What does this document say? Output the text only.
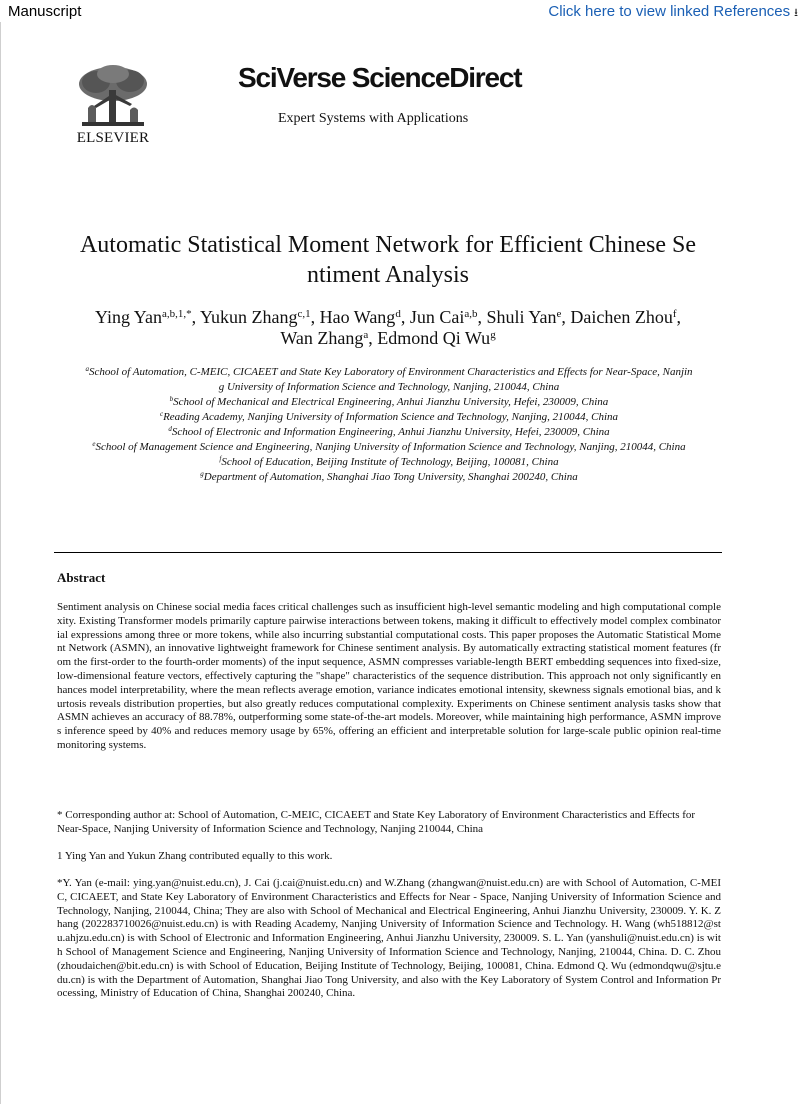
Manuscript	Click here to view linked References ⭳
ELSEVIER
SciVerse ScienceDirect
Expert Systems with Applications
Automatic Statistical Moment Network for Efficient Chinese Se
ntiment Analysis
Ying Yan$^{a,b,1,*}$, Yukun Zhang$^{c,1}$, Hao Wang$^d$, Jun Cai$^{a,b}$, Shuli Yan$^e$, Daichen Zhou$^f$,
Wan Zhang$^a$, Edmond Qi Wu$^g$
$^a$School of Automation, C-MEIC, CICAEET and State Key Laboratory of Environment Characteristics and Effects for Near-Space, Nanjin
g University of Information Science and Technology, Nanjing, 210044, China
$^b$School of Mechanical and Electrical Engineering, Anhui Jianzhu University, Hefei, 230009, China
$^c$Reading Academy, Nanjing University of Information Science and Technology, Nanjing, 210044, China
$^d$School of Electronic and Information Engineering, Anhui Jianzhu University, Hefei, 230009, China
$^e$School of Management Science and Engineering, Nanjing University of Information Science and Technology, Nanjing, 210044, China
$^f$School of Education, Beijing Institute of Technology, Beijing, 100081, China
$^g$Department of Automation, Shanghai Jiao Tong University, Shanghai 200240, China
Abstract
Sentiment analysis on Chinese social media faces critical challenges such as insufficient high-level semantic modeling and high computational complexity. Existing Transformer models primarily capture pairwise interactions between tokens, making it difficult to effectively model complex combinatorial expressions among three or more tokens, while also incurring substantial computational costs. This paper proposes the Automatic Statistical Moment Network (ASMN), an innovative lightweight framework for Chinese sentiment analysis. By automatically extracting statistical moment features (from the first-order to the fourth-order moments) of the input sequence, ASMN compresses variable-length BERT embedding sequences into fixed-size, low-dimensional feature vectors, effectively capturing the "shape" characteristics of the sequence distribution. This approach not only significantly enhances model interpretability, where the mean reflects average emotion, variance indicates emotional intensity, skewness signals emotional bias, and kurtosis reveals distribution properties, but also greatly reduces computational complexity. Experiments on Chinese sentiment analysis tasks show that ASMN achieves an accuracy of 88.78%, outperforming some state-of-the-art models. Moreover, while maintaining high performance, ASMN improves inference speed by 40% and reduces memory usage by 65%, offering an efficient and interpretable solution for large-scale public opinion real-time monitoring systems.
* Corresponding author at: School of Automation, C-MEIC, CICAEET and State Key Laboratory of Environment Characteristics and Effects for Near-Space, Nanjing University of Information Science and Technology, Nanjing 210044, China
1 Ying Yan and Yukun Zhang contributed equally to this work.
*Y. Yan (e-mail: ying.yan@nuist.edu.cn), J. Cai (j.cai@nuist.edu.cn) and W.Zhang (zhangwan@nuist.edu.cn) are with School of Automation, C-MEIC, CICAEET, and State Key Laboratory of Environment Characteristics and Effects for Near - Space, Nanjing University of Information Science and Technology, Nanjing, 210044, China; They are also with School of Mechanical and Electrical Engineering, Anhui Jianzhu University, 230009. Y. K. Zhang (202283710026@nuist.edu.cn) is with Reading Academy, Nanjing University of Information Science and Technology. H. Wang (wh518812@stu.ahjzu.edu.cn) is with School of Electronic and Information Engineering, Anhui Jianzhu University, 230009. S. L. Yan (yanshuli@nuist.edu.cn) is with School of Management Science and Engineering, Nanjing University of Information Science and Technology, Nanjing, 210044, China. D. C. Zhou (zhoudaichen@bit.edu.cn) is with School of Education, Beijing Institute of Technology, Beijing, 100081, China. Edmond Q. Wu (edmondqwu@sjtu.edu.cn) is with the Department of Automation, Shanghai Jiao Tong University, and also with the Key Laboratory of System Control and Information Processing, Ministry of Education of China, Shanghai 200240, China.
